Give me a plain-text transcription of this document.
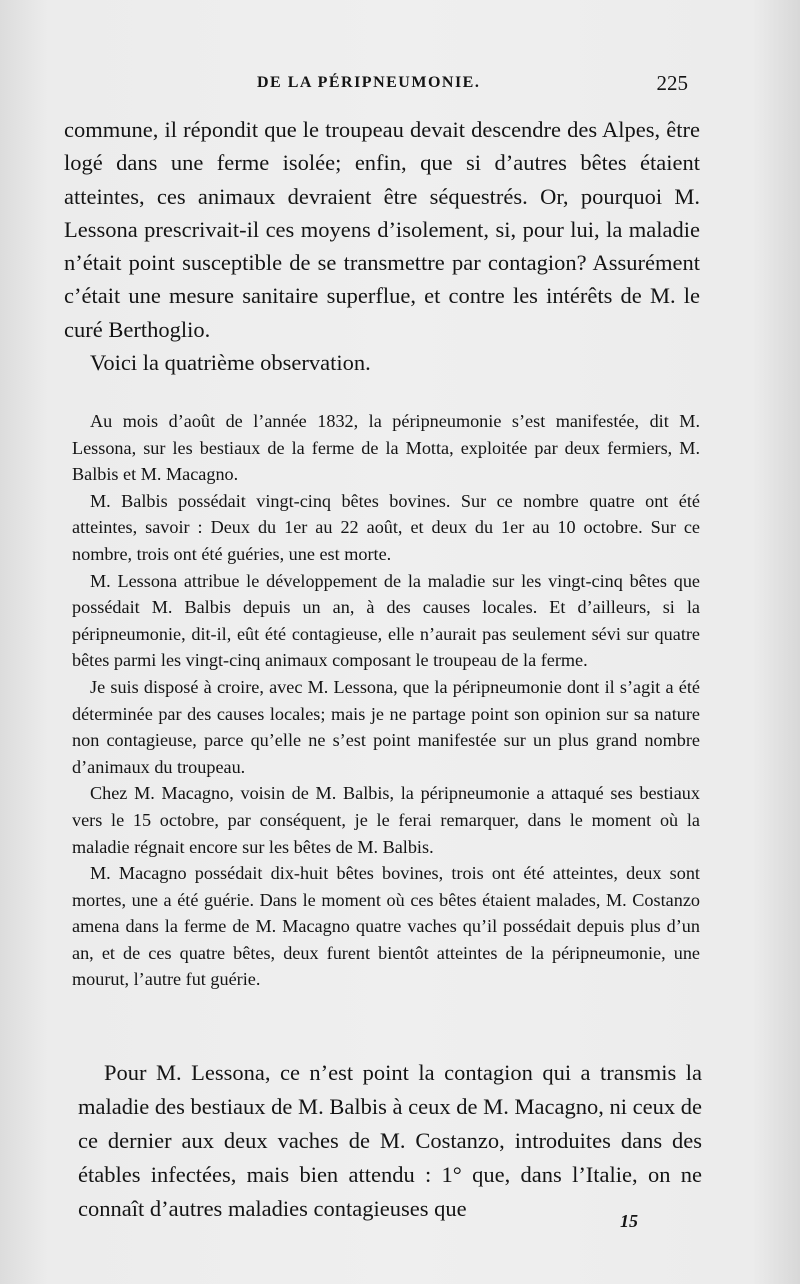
DE LA PÉRIPNEUMONIE.	225

commune, il répondit que le troupeau devait descendre des Alpes, être logé dans une ferme isolée; enfin, que si d’autres bêtes étaient atteintes, ces animaux devraient être séquestrés. Or, pourquoi M. Lessona prescrivait-il ces moyens d’isolement, si, pour lui, la maladie n’était point susceptible de se transmettre par contagion? Assurément c’était une mesure sanitaire superflue, et contre les intérêts de M. le curé Berthoglio.

Voici la quatrième observation.

Au mois d’août de l’année 1832, la péripneumonie s’est manifestée, dit M. Lessona, sur les bestiaux de la ferme de la Motta, exploitée par deux fermiers, M. Balbis et M. Macagno.

M. Balbis possédait vingt-cinq bêtes bovines. Sur ce nombre quatre ont été atteintes, savoir : Deux du 1er au 22 août, et deux du 1er au 10 octobre. Sur ce nombre, trois ont été guéries, une est morte.

M. Lessona attribue le développement de la maladie sur les vingt-cinq bêtes que possédait M. Balbis depuis un an, à des causes locales. Et d’ailleurs, si la péripneumonie, dit-il, eût été contagieuse, elle n’aurait pas seulement sévi sur quatre bêtes parmi les vingt-cinq animaux composant le troupeau de la ferme.

Je suis disposé à croire, avec M. Lessona, que la péripneumonie dont il s’agit a été déterminée par des causes locales; mais je ne partage point son opinion sur sa nature non contagieuse, parce qu’elle ne s’est point manifestée sur un plus grand nombre d’animaux du troupeau.

Chez M. Macagno, voisin de M. Balbis, la péripneumonie a attaqué ses bestiaux vers le 15 octobre, par conséquent, je le ferai remarquer, dans le moment où la maladie régnait encore sur les bêtes de M. Balbis.

M. Macagno possédait dix-huit bêtes bovines, trois ont été atteintes, deux sont mortes, une a été guérie. Dans le moment où ces bêtes étaient malades, M. Costanzo amena dans la ferme de M. Macagno quatre vaches qu’il possédait depuis plus d’un an, et de ces quatre bêtes, deux furent bientôt atteintes de la péripneumonie, une mourut, l’autre fut guérie.

Pour M. Lessona, ce n’est point la contagion qui a transmis la maladie des bestiaux de M. Balbis à ceux de M. Macagno, ni ceux de ce dernier aux deux vaches de M. Costanzo, introduites dans des étables infectées, mais bien attendu : 1° que, dans l’Italie, on ne connaît d’autres maladies contagieuses que	15
